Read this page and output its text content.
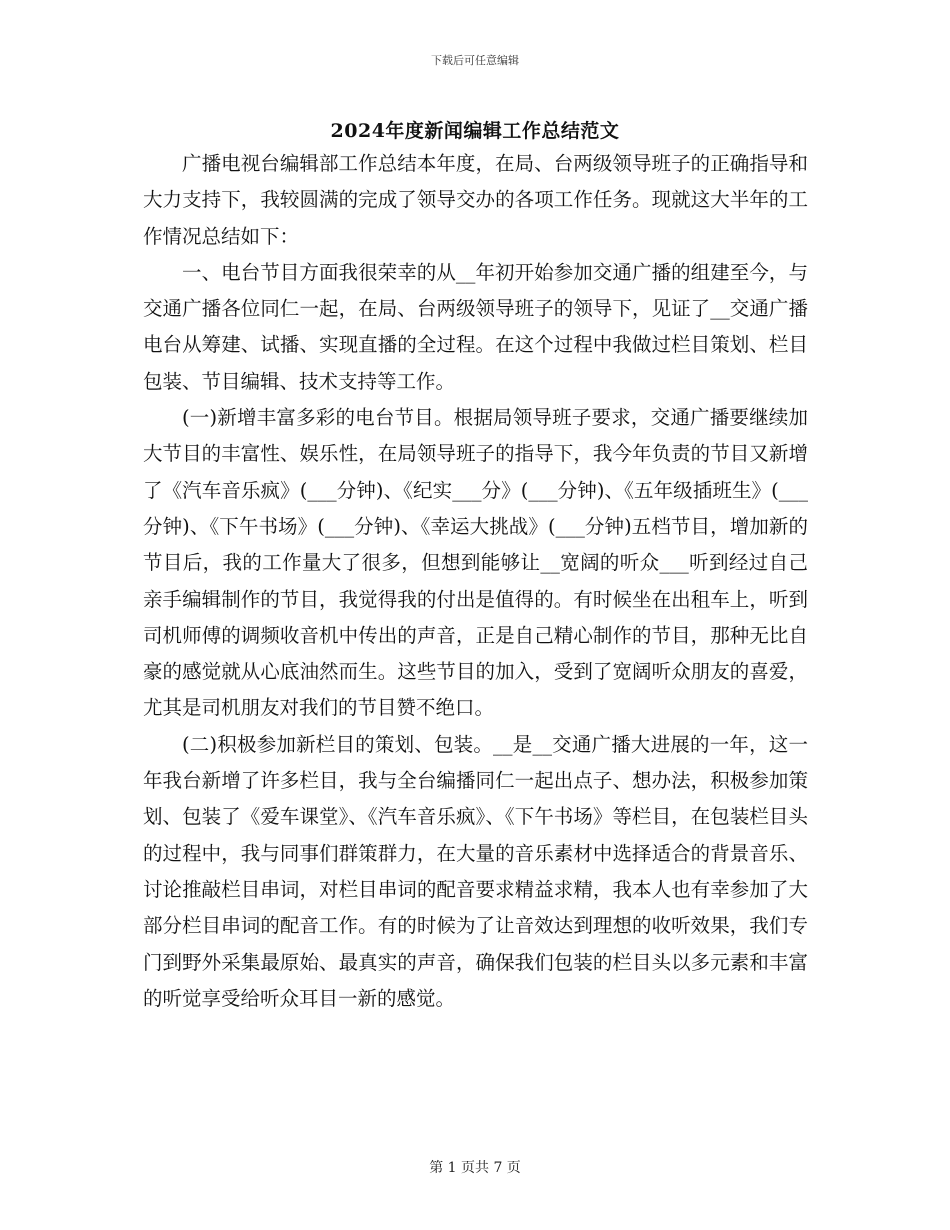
下载后可任意编辑
2024年度新闻编辑工作总结范文

广播电视台编辑部工作总结本年度，在局、台两级领导班子的正确指导和大力支持下，我较圆满的完成了领导交办的各项工作任务。现就这大半年的工作情况总结如下：

一、电台节目方面我很荣幸的从__年初开始参加交通广播的组建至今，与交通广播各位同仁一起，在局、台两级领导班子的领导下，见证了__交通广播电台从筹建、试播、实现直播的全过程。在这个过程中我做过栏目策划、栏目包装、节目编辑、技术支持等工作。

(一)新增丰富多彩的电台节目。根据局领导班子要求，交通广播要继续加大节目的丰富性、娱乐性，在局领导班子的指导下，我今年负责的节目又新增了《汽车音乐疯》(___分钟)、《纪实___分》(___分钟)、《五年级插班生》(___分钟)、《下午书场》(___分钟)、《幸运大挑战》(___分钟)五档节目，增加新的节目后，我的工作量大了很多，但想到能够让__宽阔的听众___听到经过自己亲手编辑制作的节目，我觉得我的付出是值得的。有时候坐在出租车上，听到司机师傅的调频收音机中传出的声音，正是自己精心制作的节目，那种无比自豪的感觉就从心底油然而生。这些节目的加入，受到了宽阔听众朋友的喜爱，尤其是司机朋友对我们的节目赞不绝口。

(二)积极参加新栏目的策划、包装。__是__交通广播大进展的一年，这一年我台新增了许多栏目，我与全台编播同仁一起出点子、想办法，积极参加策划、包装了《爱车课堂》、《汽车音乐疯》、《下午书场》等栏目，在包装栏目头的过程中，我与同事们群策群力，在大量的音乐素材中选择适合的背景音乐、讨论推敲栏目串词，对栏目串词的配音要求精益求精，我本人也有幸参加了大部分栏目串词的配音工作。有的时候为了让音效达到理想的收听效果，我们专门到野外采集最原始、最真实的声音，确保我们包装的栏目头以多元素和丰富的听觉享受给听众耳目一新的感觉。

第 1 页共 7 页
